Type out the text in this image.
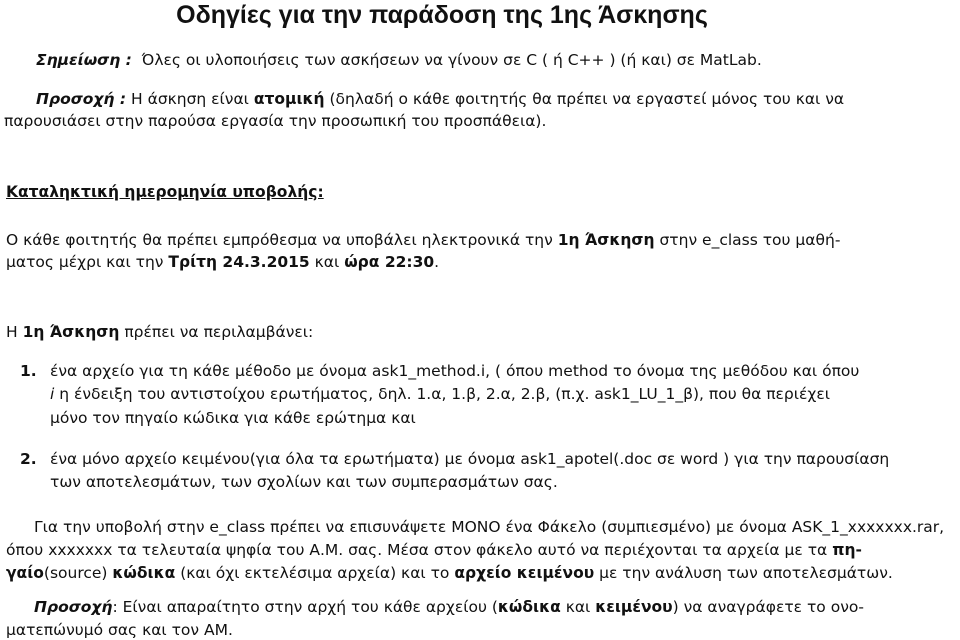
Οδηγίες για την παράδοση της 1ης Άσκησης
Σημείωση : Όλες οι υλοποιήσεις των ασκήσεων να γίνουν σε C ( ή C++ ) (ή και) σε MatLab.
Προσοχή : Η άσκηση είναι ατομική (δηλαδή ο κάθε φοιτητής θα πρέπει να εργαστεί μόνος του και να
παρουσιάσει στην παρούσα εργασία την προσωπική του προσπάθεια).
Καταληκτική ημερομηνία υποβολής:
Ο κάθε φοιτητής θα πρέπει εμπρόθεσμα να υποβάλει ηλεκτρονικά την 1η Άσκηση στην e_class του μαθή-
ματος μέχρι και την Τρίτη 24.3.2015 και ώρα 22:30.
Η 1η Άσκηση πρέπει να περιλαμβάνει:
1. ένα αρχείο για τη κάθε μέθοδο με όνομα ask1_method.i, ( όπου method το όνομα της μεθόδου και όπου
i η ένδειξη του αντιστοίχου ερωτήματος, δηλ. 1.α, 1.β, 2.α, 2.β, (π.χ. ask1_LU_1_β), που θα περιέχει
μόνο τον πηγαίο κώδικα για κάθε ερώτημα και
2. ένα μόνο αρχείο κειμένου(για όλα τα ερωτήματα) με όνομα ask1_apotel(.doc σε word ) για την παρουσίαση
των αποτελεσμάτων, των σχολίων και των συμπερασμάτων σας.
Για την υποβολή στην e_class πρέπει να επισυνάψετε ΜΟΝΟ ένα Φάκελο (συμπιεσμένο) με όνομα ASK_1_xxxxxxx.rar,
όπου xxxxxxx τα τελευταία ψηφία του Α.Μ. σας. Μέσα στον φάκελο αυτό να περιέχονται τα αρχεία με τα πη-
γαίο(source) κώδικα (και όχι εκτελέσιμα αρχεία) και το αρχείο κειμένου με την ανάλυση των αποτελεσμάτων.
Προσοχή: Είναι απαραίτητο στην αρχή του κάθε αρχείου (κώδικα και κειμένου) να αναγράφετε το ονο-
ματεπώνυμό σας και τον ΑΜ.
